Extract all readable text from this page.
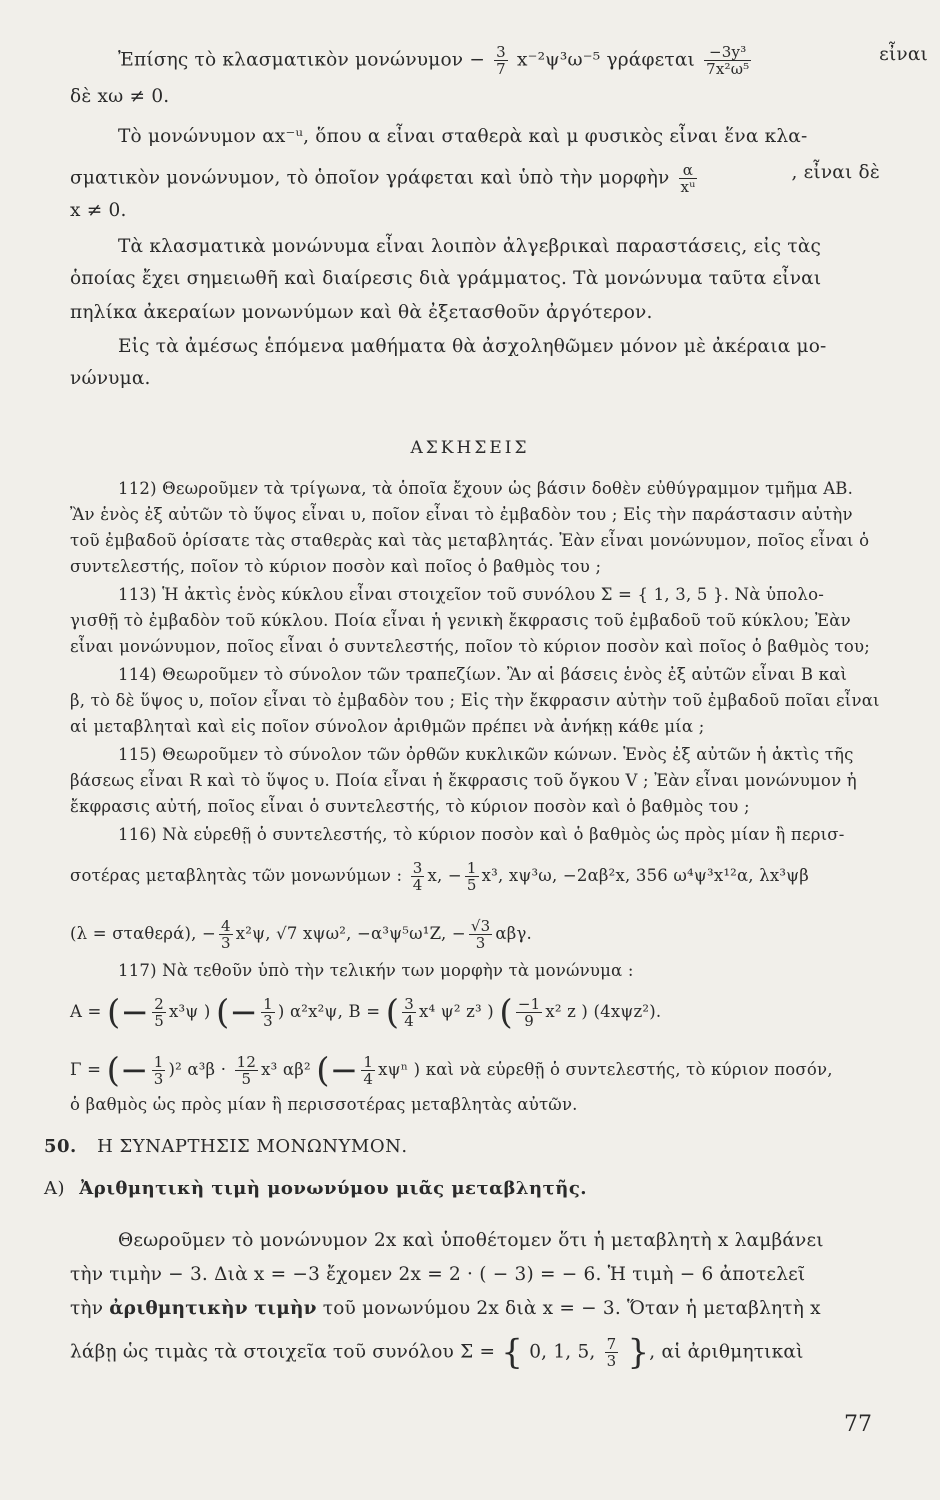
Ἐπίσης τὸ κλασματικὸν $\mu o\nu ώ\nu\upsilon\mu o\nu - \frac{3}{7} x^{-2}\psi^3\omega^{-5}$ γράφεται $\frac{\text{−3y³}}{\text{7x²ω⁵}}$	εἶναι
δὲ xω ≠ 0.
Τὸ μονώνυμον αx⁻ᵘ, ὅπου α εἶναι σταθερὰ καὶ μ φυσικὸς εἶναι ἕνα κλα-
σματικὸν μονώνυμον, τὸ ὁποῖον γράφεται καὶ ὑπὸ τὴν μορφὴν $\frac{\alpha}{\text{xᵘ}}$	, εἶναι δὲ
x ≠ 0.
Τὰ κλασματικὰ μονώνυμα εἶναι λοιπὸν ἀλγεβρικαὶ παραστάσεις, εἰς τὰς
ὁποίας ἔχει σημειωθῆ καὶ διαίρεσις διὰ γράμματος. Τὰ μονώνυμα ταῦτα εἶναι
πηλίκα ἀκεραίων μονωνύμων καὶ θὰ ἐξετασθοῦν ἀργότερον.
Εἰς τὰ ἀμέσως ἑπόμενα μαθήματα θὰ ἀσχοληθῶμεν μόνον μὲ ἀκέραια μο-
νώνυμα.
ΑΣΚΗΣΕΙΣ
112) Θεωροῦμεν τὰ τρίγωνα, τὰ ὁποῖα ἔχουν ὡς βάσιν δοθὲν εὐθύγραμμον τμῆμα ΑΒ.
Ἂν ἑνὸς ἐξ αὐτῶν τὸ ὕψος εἶναι υ, ποῖον εἶναι τὸ ἐμβαδὸν του ; Εἰς τὴν παράστασιν αὐτὴν
τοῦ ἐμβαδοῦ ὁρίσατε τὰς σταθερὰς καὶ τὰς μεταβλητάς. Ἐὰν εἶναι μονώνυμον, ποῖος εἶναι ὁ
συντελεστής, ποῖον τὸ κύριον ποσὸν καὶ ποῖος ὁ βαθμὸς του ;
113) Ἡ ἀκτὶς ἑνὸς κύκλου εἶναι στοιχεῖον τοῦ συνόλου Σ = { 1, 3, 5 }. Νὰ ὑπολο-
γισθῇ τὸ ἐμβαδὸν τοῦ κύκλου. Ποία εἶναι ἡ γενικὴ ἔκφρασις τοῦ ἐμβαδοῦ τοῦ κύκλου; Ἐὰν
εἶναι μονώνυμον, ποῖος εἶναι ὁ συντελεστής, ποῖον τὸ κύριον ποσὸν καὶ ποῖος ὁ βαθμὸς του;
114) Θεωροῦμεν τὸ σύνολον τῶν τραπεζίων. Ἂν αἱ βάσεις ἑνὸς ἐξ αὐτῶν εἶναι Β καὶ
β, τὸ δὲ ὕψος υ, ποῖον εἶναι τὸ ἐμβαδὸν του ; Εἰς τὴν ἔκφρασιν αὐτὴν τοῦ ἐμβαδοῦ ποῖαι εἶναι
αἱ μεταβληταὶ καὶ εἰς ποῖον σύνολον ἀριθμῶν πρέπει νὰ ἀνήκῃ κάθε μία ;
115) Θεωροῦμεν τὸ σύνολον τῶν ὀρθῶν κυκλικῶν κώνων. Ἑνὸς ἐξ αὐτῶν ἡ ἀκτὶς τῆς
βάσεως εἶναι R καὶ τὸ ὕψος υ. Ποία εἶναι ἡ ἔκφρασις τοῦ ὄγκου V ; Ἐὰν εἶναι μονώνυμον ἡ
ἔκφρασις αὐτή, ποῖος εἶναι ὁ συντελεστής, τὸ κύριον ποσὸν καὶ ὁ βαθμὸς του ;
116) Νὰ εὑρεθῇ ὁ συντελεστής, τὸ κύριον ποσὸν καὶ ὁ βαθμὸς ὡς πρὸς μίαν ἢ περισ-
σοτέρας μεταβλητὰς τῶν μονωνύμων : $\frac{3}{4} x$, − $\frac{1}{5} x^3$, xψ³ω, −2αβ²x, 356 ω⁴ψ³x¹²α, λx³ψβ
(λ = σταθερά), − $\frac{4}{3} x^2\psi$, √7 xψω², −α³ψ⁵ω¹Z, − $\frac{√3}{3} \alpha\beta\gamma$.
117) Νὰ τεθοῦν ὑπὸ τὴν τελικήν των μορφὴν τὰ μονώνυμα :
A = (− $\frac{2}{5} x^3\psi$ ) (− $\frac{1}{3}$ ) α²x²ψ, B = ( $\frac{3}{4} x^4$ ψ² z³ ) ( $\frac{-1}{9} x^2$ z ) (4xψz²).
Γ = (− $\frac{1}{3} )^2$ $\alpha^3\beta \cdot \frac{12}{5} x^3$ αβ² (− $\frac{1}{4}$ xψⁿ ) καὶ νὰ εὑρεθῇ ὁ συντελεστής, τὸ κύριον ποσόν,
ὁ βαθμὸς ὡς πρὸς μίαν ἢ περισσοτέρας μεταβλητὰς αὐτῶν.
50. Η ΣΥΝΑΡΤΗΣΙΣ ΜΟΝΩΝΥΜΟΝ.
A) Ἀριθμητικὴ τιμὴ μονωνύμου μιᾶς μεταβλητῆς.
Θεωροῦμεν τὸ μονώνυμον 2x καὶ ὑποθέτομεν ὅτι ἡ μεταβλητὴ x λαμβάνει
τὴν τιμὴν − 3. Διὰ x = −3 ἔχομεν 2x = 2 · ( − 3) = − 6. Ἡ τιμὴ − 6 ἀποτελεῖ
τὴν ἀριθμητικὴν τιμὴν τοῦ μονωνύμου 2x διὰ x = − 3. Ὅταν ἡ μεταβλητὴ x
λάβῃ ὡς τιμὰς τὰ στοιχεῖα τοῦ συνόλου Σ = { 0, 1, 5, $\frac{7}{3}$ }, αἱ ἀριθμητικαὶ
77
